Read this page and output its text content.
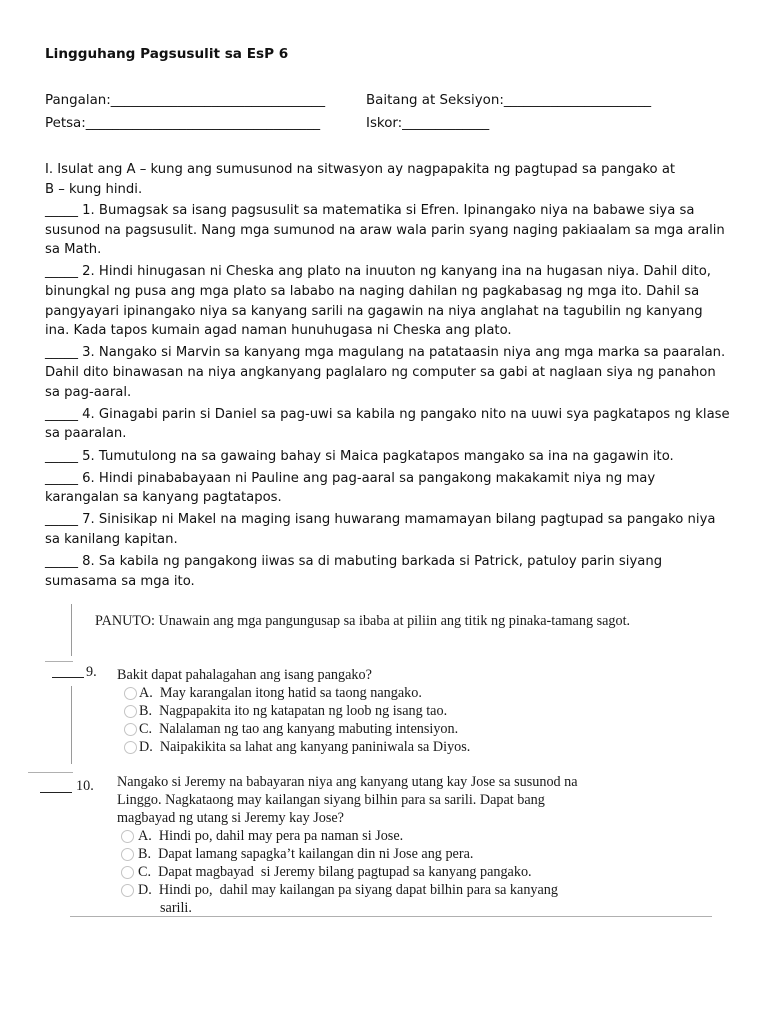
Lingguhang Pagsusulit sa EsP 6
Pangalan:________________________________	Baitang at Seksiyon:______________________
Petsa:___________________________________	Iskor:_____________
I. Isulat ang A – kung ang sumusunod na sitwasyon ay nagpapakita ng pagtupad sa pangako at
B – kung hindi.
_____ 1. Bumagsak sa isang pagsusulit sa matematika si Efren. Ipinangako niya na babawe siya sa susunod na pagsusulit. Nang mga sumunod na araw wala parin syang naging pakiaalam sa mga aralin sa Math.
_____ 2. Hindi hinugasan ni Cheska ang plato na inuuton ng kanyang ina na hugasan niya. Dahil dito, binungkal ng pusa ang mga plato sa lababo na naging dahilan ng pagkabasag ng mga ito. Dahil sa pangyayari ipinangako niya sa kanyang sarili na gagawin na niya anglahat na tagubilin ng kanyang ina. Kada tapos kumain agad naman hunuhugasa ni Cheska ang plato.
_____ 3. Nangako si Marvin sa kanyang mga magulang na patataasin niya ang mga marka sa paaralan. Dahil dito binawasan na niya angkanyang paglalaro ng computer sa gabi at naglaan siya ng panahon sa pag-aaral.
_____ 4. Ginagabi parin si Daniel sa pag-uwi sa kabila ng pangako nito na uuwi sya pagkatapos ng klase sa paaralan.
_____ 5. Tumutulong na sa gawaing bahay si Maica pagkatapos mangako sa ina na gagawin ito.
_____ 6. Hindi pinababayaan ni Pauline ang pag-aaral sa pangakong makakamit niya ng may karangalan sa kanyang pagtatapos.
_____ 7. Sinisikap ni Makel na maging isang huwarang mamamayan bilang pagtupad sa pangako niya sa kanilang kapitan.
_____ 8. Sa kabila ng pangakong iiwas sa di mabuting barkada si Patrick, patuloy parin siyang sumasama sa mga ito.
PANUTO: Unawain ang mga pangungusap sa ibaba at piliin ang titik ng pinaka-tamang sagot.
9. Bakit dapat pahalagahan ang isang pangako?
A.  May karangalan itong hatid sa taong nangako.
B.  Nagpapakita ito ng katapatan ng loob ng isang tao.
C.  Nalalaman ng tao ang kanyang mabuting intensiyon.
D.  Naipakikita sa lahat ang kanyang paniniwala sa Diyos.
10. Nangako si Jeremy na babayaran niya ang kanyang utang kay Jose sa susunod na
Linggo. Nagkataong may kailangan siyang bilhin para sa sarili. Dapat bang
magbayad ng utang si Jeremy kay Jose?
A.  Hindi po, dahil may pera pa naman si Jose.
B.  Dapat lamang sapagka’t kailangan din ni Jose ang pera.
C.  Dapat magbayad  si Jeremy bilang pagtupad sa kanyang pangako.
D.  Hindi po,  dahil may kailangan pa siyang dapat bilhin para sa kanyang
sarili.
